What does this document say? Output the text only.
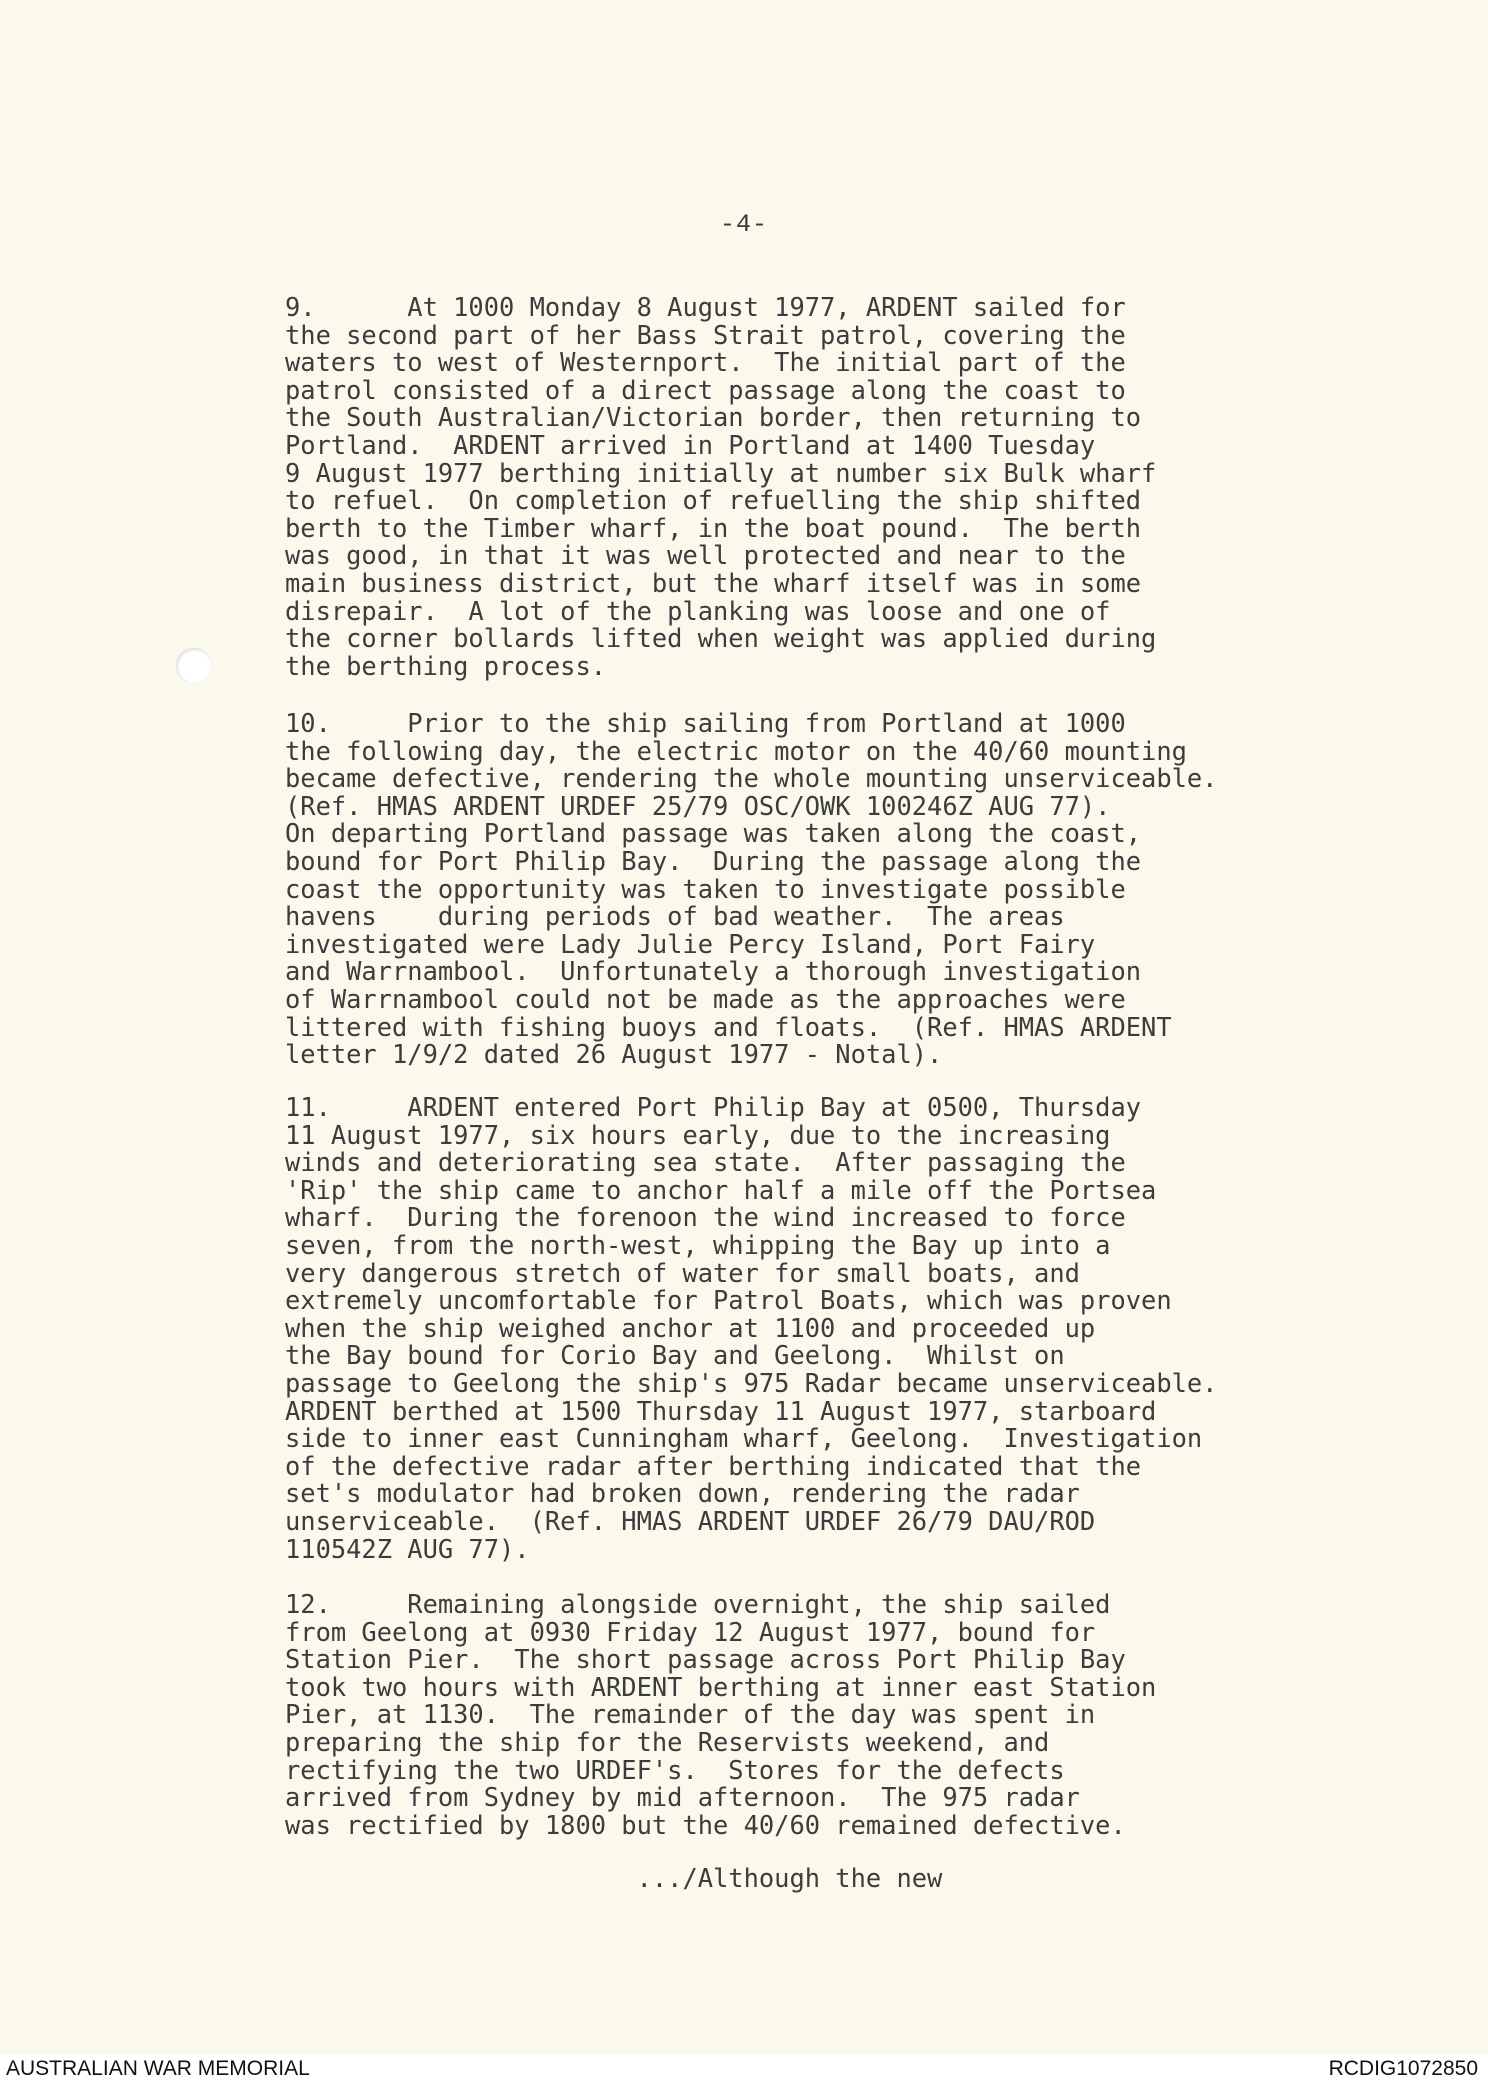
-4-
9.      At 1000 Monday 8 August 1977, ARDENT sailed for
the second part of her Bass Strait patrol, covering the
waters to west of Westernport.  The initial part of the
patrol consisted of a direct passage along the coast to
the South Australian/Victorian border, then returning to
Portland.  ARDENT arrived in Portland at 1400 Tuesday
9 August 1977 berthing initially at number six Bulk wharf
to refuel.  On completion of refuelling the ship shifted
berth to the Timber wharf, in the boat pound.  The berth
was good, in that it was well protected and near to the
main business district, but the wharf itself was in some
disrepair.  A lot of the planking was loose and one of
the corner bollards lifted when weight was applied during
the berthing process.
10.     Prior to the ship sailing from Portland at 1000
the following day, the electric motor on the 40/60 mounting
became defective, rendering the whole mounting unserviceable.
(Ref. HMAS ARDENT URDEF 25/79 OSC/OWK 100246Z AUG 77).
On departing Portland passage was taken along the coast,
bound for Port Philip Bay.  During the passage along the
coast the opportunity was taken to investigate possible
havens    during periods of bad weather.  The areas
investigated were Lady Julie Percy Island, Port Fairy
and Warrnambool.  Unfortunately a thorough investigation
of Warrnambool could not be made as the approaches were
littered with fishing buoys and floats.  (Ref. HMAS ARDENT
letter 1/9/2 dated 26 August 1977 - Notal).
11.     ARDENT entered Port Philip Bay at 0500, Thursday
11 August 1977, six hours early, due to the increasing
winds and deteriorating sea state.  After passaging the
'Rip' the ship came to anchor half a mile off the Portsea
wharf.  During the forenoon the wind increased to force
seven, from the north-west, whipping the Bay up into a
very dangerous stretch of water for small boats, and
extremely uncomfortable for Patrol Boats, which was proven
when the ship weighed anchor at 1100 and proceeded up
the Bay bound for Corio Bay and Geelong.  Whilst on
passage to Geelong the ship's 975 Radar became unserviceable.
ARDENT berthed at 1500 Thursday 11 August 1977, starboard
side to inner east Cunningham wharf, Geelong.  Investigation
of the defective radar after berthing indicated that the
set's modulator had broken down, rendering the radar
unserviceable.  (Ref. HMAS ARDENT URDEF 26/79 DAU/ROD
110542Z AUG 77).
12.     Remaining alongside overnight, the ship sailed
from Geelong at 0930 Friday 12 August 1977, bound for
Station Pier.  The short passage across Port Philip Bay
took two hours with ARDENT berthing at inner east Station
Pier, at 1130.  The remainder of the day was spent in
preparing the ship for the Reservists weekend, and
rectifying the two URDEF's.  Stores for the defects
arrived from Sydney by mid afternoon.  The 975 radar
was rectified by 1800 but the 40/60 remained defective.
.../Although the new
AUSTRALIAN WAR MEMORIAL	RCDIG1072850
